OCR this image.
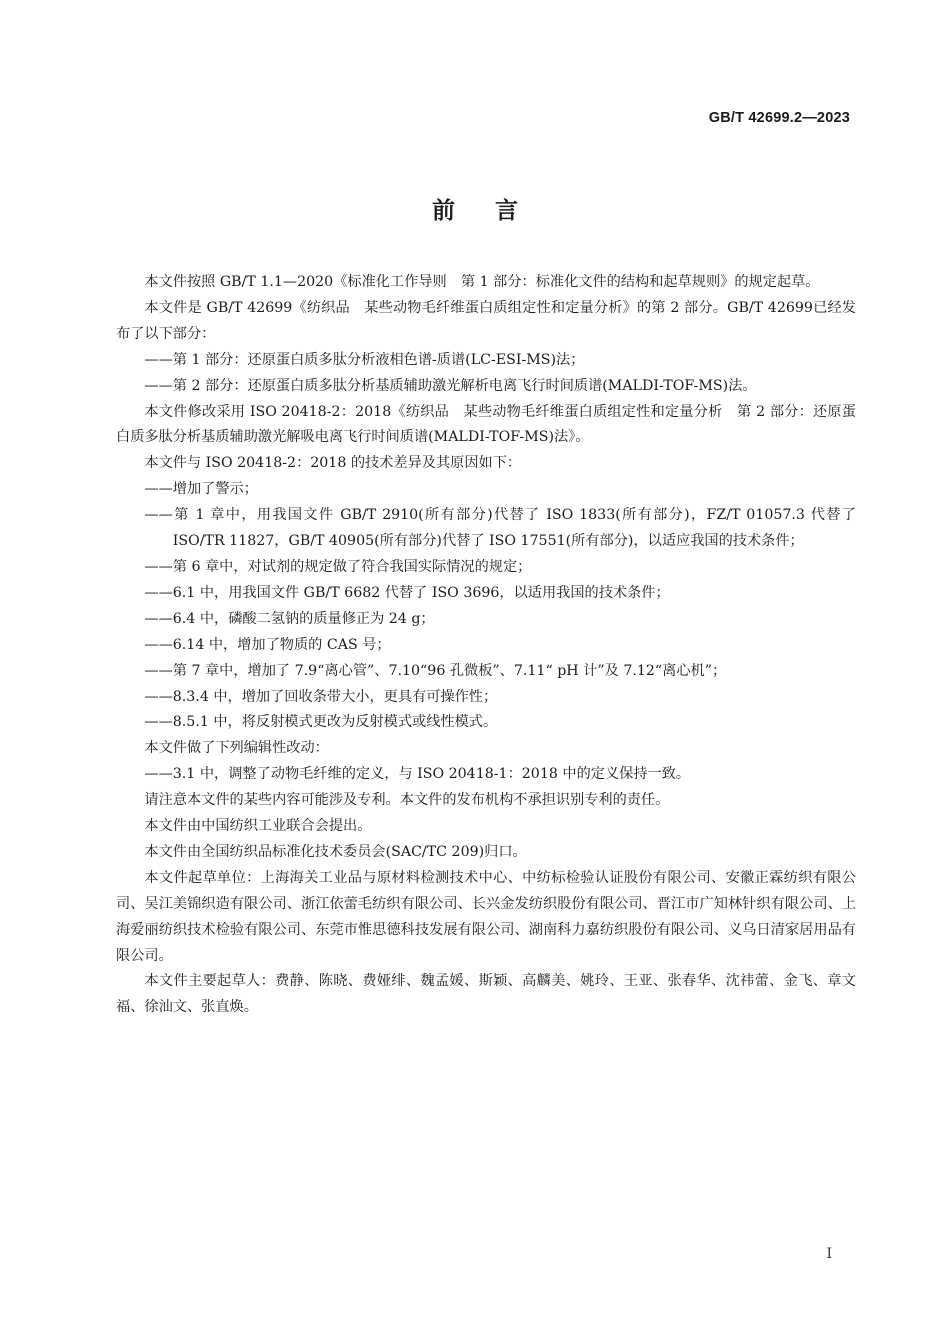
GB/T 42699.2—2023
前言

本文件按照 GB/T 1.1—2020《标准化工作导则　第 1 部分：标准化文件的结构和起草规则》的规定起草。

本文件是 GB/T 42699《纺织品　某些动物毛纤维蛋白质组定性和定量分析》的第 2 部分。GB/T 42699已经发布了以下部分：

——第 1 部分：还原蛋白质多肽分析液相色谱-质谱(LC-ESI-MS)法；

——第 2 部分：还原蛋白质多肽分析基质辅助激光解析电离飞行时间质谱(MALDI-TOF-MS)法。

本文件修改采用 ISO 20418-2：2018《纺织品　某些动物毛纤维蛋白质组定性和定量分析　第 2 部分：还原蛋白质多肽分析基质辅助激光解吸电离飞行时间质谱(MALDI-TOF-MS)法》。

本文件与 ISO 20418-2：2018 的技术差异及其原因如下：

——增加了警示；

——第 1 章中，用我国文件 GB/T 2910(所有部分)代替了 ISO 1833(所有部分)，FZ/T 01057.3 代替了 ISO/TR 11827，GB/T 40905(所有部分)代替了 ISO 17551(所有部分)，以适应我国的技术条件；

——第 6 章中，对试剂的规定做了符合我国实际情况的规定；

——6.1 中，用我国文件 GB/T 6682 代替了 ISO 3696，以适用我国的技术条件；

——6.4 中，磷酸二氢钠的质量修正为 24 g；

——6.14 中，增加了物质的 CAS 号；

——第 7 章中，增加了 7.9“离心管”、7.10“96 孔微板”、7.11“ pH 计”及 7.12“离心机”；

——8.3.4 中，增加了回收条带大小，更具有可操作性；

——8.5.1 中，将反射模式更改为反射模式或线性模式。

本文件做了下列编辑性改动：

——3.1 中，调整了动物毛纤维的定义，与 ISO 20418-1：2018 中的定义保持一致。

请注意本文件的某些内容可能涉及专利。本文件的发布机构不承担识别专利的责任。

本文件由中国纺织工业联合会提出。

本文件由全国纺织品标准化技术委员会(SAC/TC 209)归口。

本文件起草单位：上海海关工业品与原材料检测技术中心、中纺标检验认证股份有限公司、安徽正霖纺织有限公司、吴江美锦织造有限公司、浙江依蕾毛纺织有限公司、长兴金发纺织股份有限公司、晋江市广知林针织有限公司、上海爱丽纺织技术检验有限公司、东莞市惟思德科技发展有限公司、湖南科力嘉纺织股份有限公司、义乌日清家居用品有限公司。

本文件主要起草人：费静、陈晓、费娅绯、魏孟媛、斯颖、高麟美、姚玲、王亚、张春华、沈祎蕾、金飞、章文福、徐汕文、张直焕。

I
